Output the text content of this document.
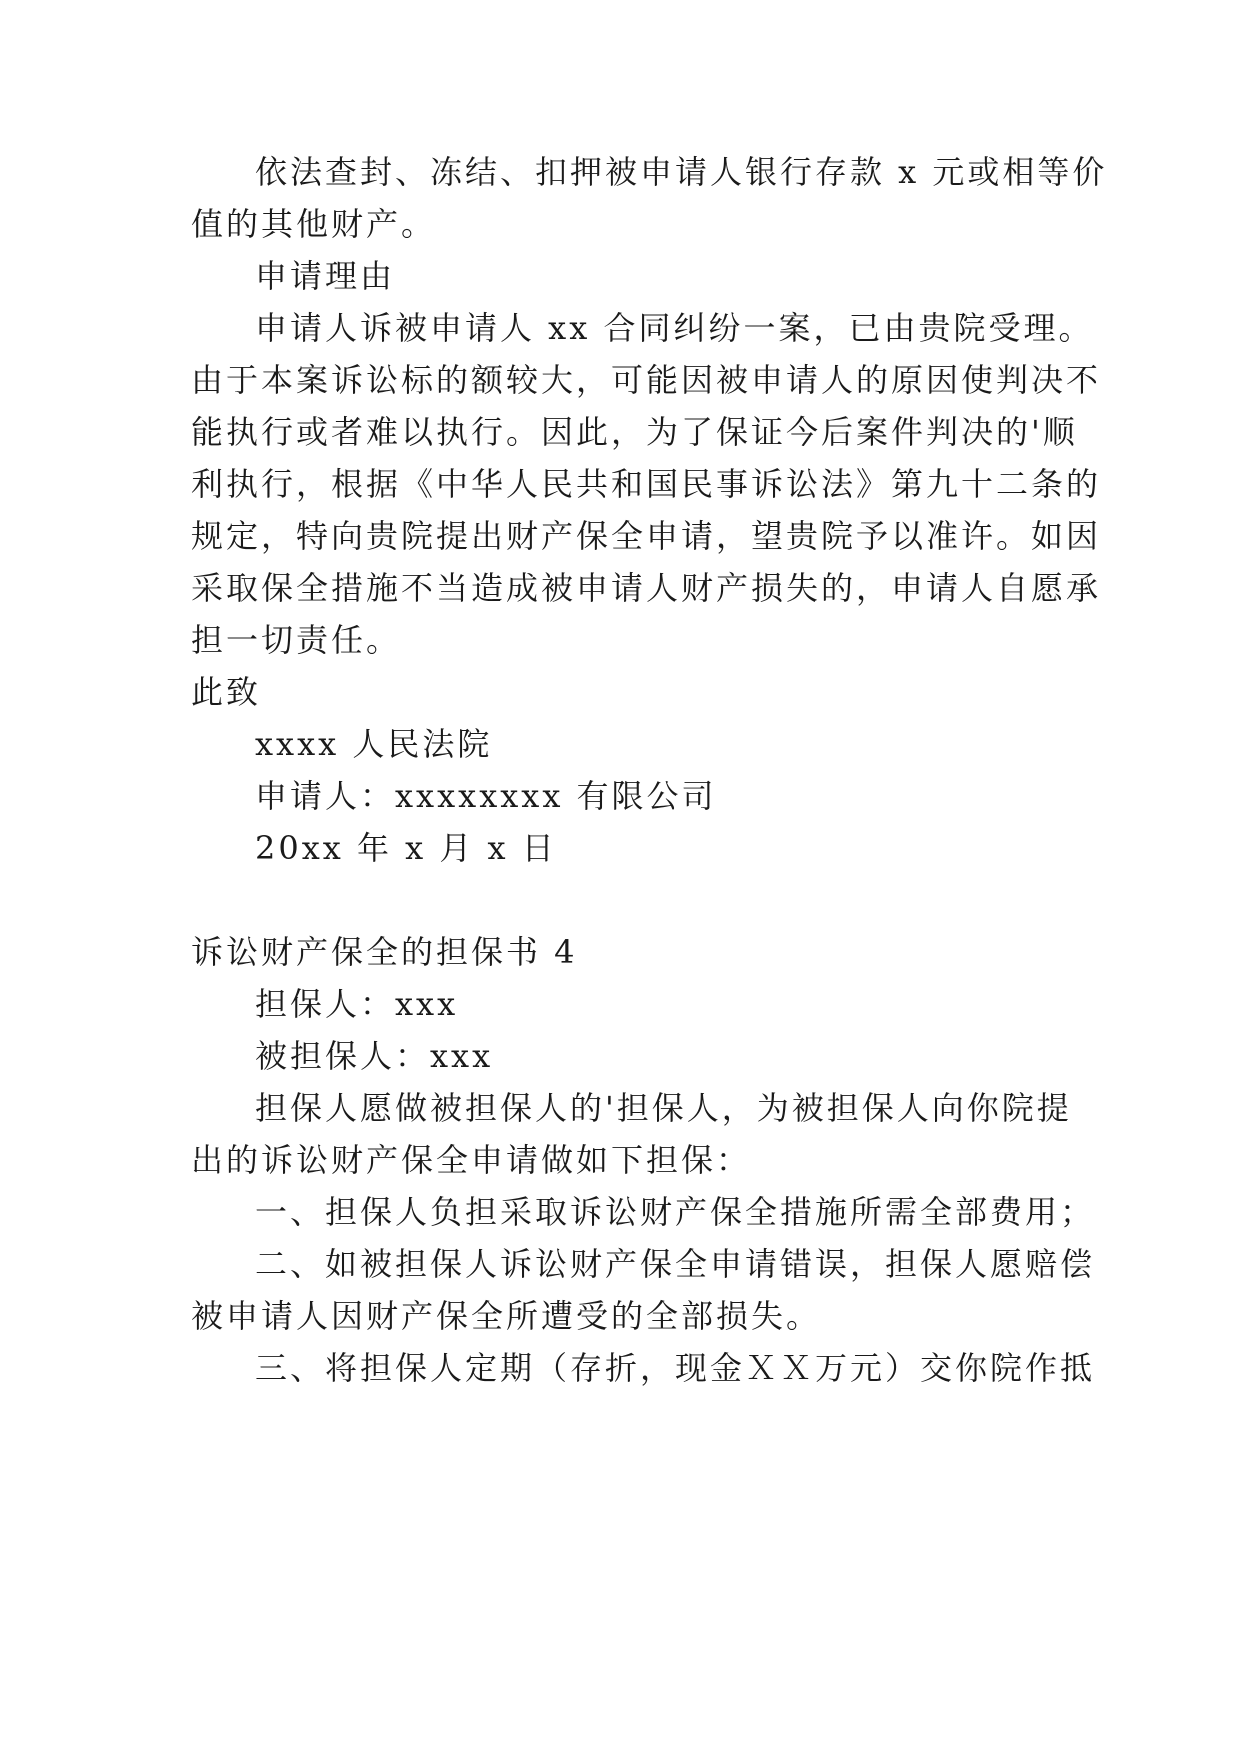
依法查封、冻结、扣押被申请人银行存款 x 元或相等价
值的其他财产。
申请理由
申请人诉被申请人 xx 合同纠纷一案，已由贵院受理。
由于本案诉讼标的额较大，可能因被申请人的原因使判决不
能执行或者难以执行。因此，为了保证今后案件判决的'顺
利执行，根据《中华人民共和国民事诉讼法》第九十二条的
规定，特向贵院提出财产保全申请，望贵院予以准许。如因
采取保全措施不当造成被申请人财产损失的，申请人自愿承
担一切责任。
此致
xxxx 人民法院
申请人：xxxxxxxx 有限公司
20xx 年 x 月 x 日
诉讼财产保全的担保书 4
担保人：xxx
被担保人：xxx
担保人愿做被担保人的'担保人，为被担保人向你院提
出的诉讼财产保全申请做如下担保：
一、担保人负担采取诉讼财产保全措施所需全部费用；
二、如被担保人诉讼财产保全申请错误，担保人愿赔偿
被申请人因财产保全所遭受的全部损失。
三、将担保人定期（存折，现金ＸＸ万元）交你院作抵
